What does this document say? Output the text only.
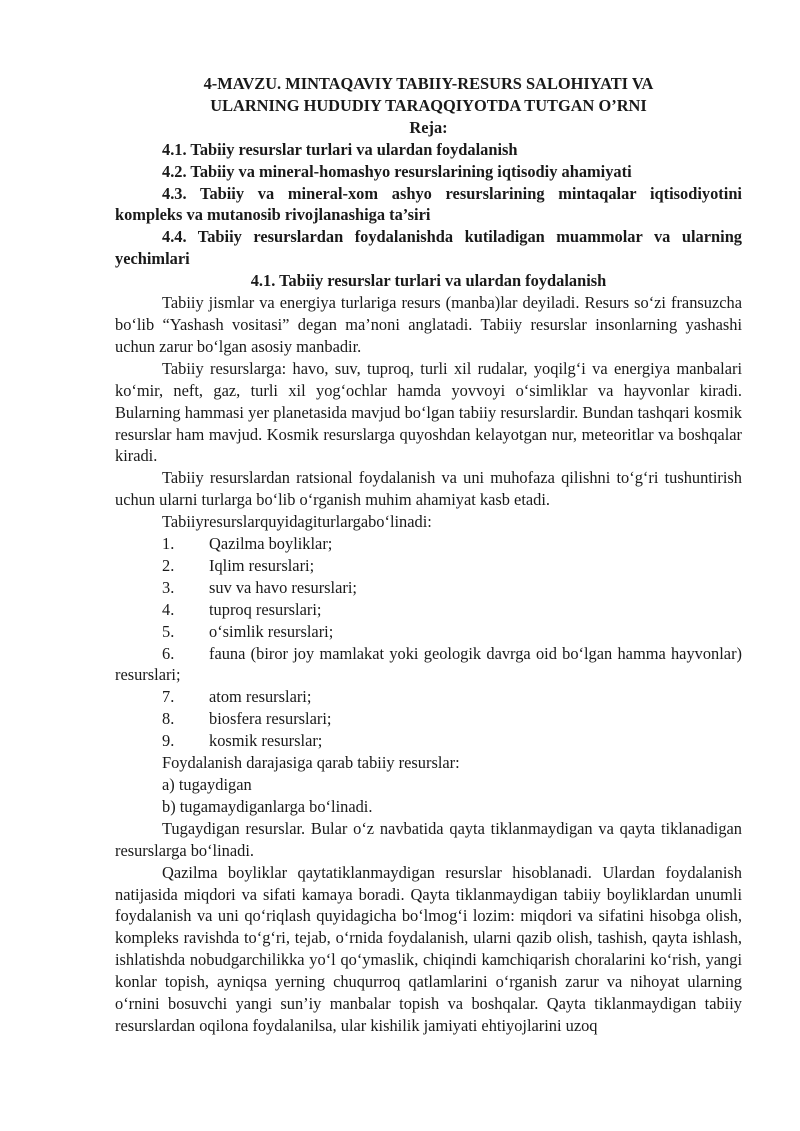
4-MAVZU. MINTAQAVIY TABIIY-RESURS SALOHIYATI VA

ULARNING HUDUDIY TARAQQIYOTDA TUTGAN O’RNI

Reja:

4.1. Tabiiy resurslar turlari va ulardan foydalanish

4.2. Tabiiy va mineral-homashyo resurslarining iqtisodiy ahamiyati

4.3. Tabiiy va mineral-xom ashyo resurslarining mintaqalar iqtisodiyotini kompleks va mutanosib rivojlanashiga ta’siri

4.4. Tabiiy resurslardan foydalanishda kutiladigan muammolar va ularning yechimlari

4.1. Tabiiy resurslar turlari va ulardan foydalanish

Tabiiy jismlar va energiya turlariga resurs (manba)lar deyiladi. Resurs so‘zi fransuzcha bo‘lib “Yashash vositasi” degan ma’noni anglatadi. Tabiiy resurslar insonlarning yashashi uchun zarur bo‘lgan asosiy manbadir.

Tabiiy resurslarga: havo, suv, tuproq, turli xil rudalar, yoqilg‘i va energiya manbalari ko‘mir, neft, gaz, turli xil yog‘ochlar hamda yovvoyi o‘simliklar va hayvonlar kiradi. Bularning hammasi yer planetasida mavjud bo‘lgan tabiiy resurslardir. Bundan tashqari kosmik resurslar ham mavjud. Kosmik resurslarga quyoshdan kelayotgan nur, meteoritlar va boshqalar kiradi.

Tabiiy resurslardan ratsional foydalanish va uni muhofaza qilishni to‘g‘ri tushuntirish uchun ularni turlarga bo‘lib o‘rganish muhim ahamiyat kasb etadi.

Tabiiyresurslarquyidagiturlargabo‘linadi:

1.	Qazilma boyliklar;
2.	Iqlim resurslari;
3.	suv va havo resurslari;
4.	tuproq resurslari;
5.	o‘simlik resurslari;

6. fauna (biror joy mamlakat yoki geologik davrga oid bo‘lgan hamma hayvonlar) resurslari;

7.	atom resurslari;
8.	biosfera resurslari;
9.	kosmik resurslar;

Foydalanish darajasiga qarab tabiiy resurslar:

a) tugaydigan

b) tugamaydiganlarga bo‘linadi.

Tugaydigan resurslar. Bular o‘z navbatida qayta tiklanmaydigan va qayta tiklanadigan resurslarga bo‘linadi.

Qazilma boyliklar qaytatiklanmaydigan resurslar hisoblanadi. Ulardan foydalanish natijasida miqdori va sifati kamaya boradi. Qayta tiklanmaydigan tabiiy boyliklardan unumli foydalanish va uni qo‘riqlash quyidagicha bo‘lmog‘i lozim: miqdori va sifatini hisobga olish, kompleks ravishda to‘g‘ri, tejab, o‘rnida foydalanish, ularni qazib olish, tashish, qayta ishlash, ishlatishda nobudgarchilikka yo‘l qo‘ymaslik, chiqindi kamchiqarish choralarini ko‘rish, yangi konlar topish, ayniqsa yerning chuqurroq qatlamlarini o‘rganish zarur va nihoyat ularning o‘rnini bosuvchi yangi sun’iy manbalar topish va boshqalar. Qayta tiklanmaydigan tabiiy resurslardan oqilona foydalanilsa, ular kishilik jamiyati ehtiyojlarini uzoq
